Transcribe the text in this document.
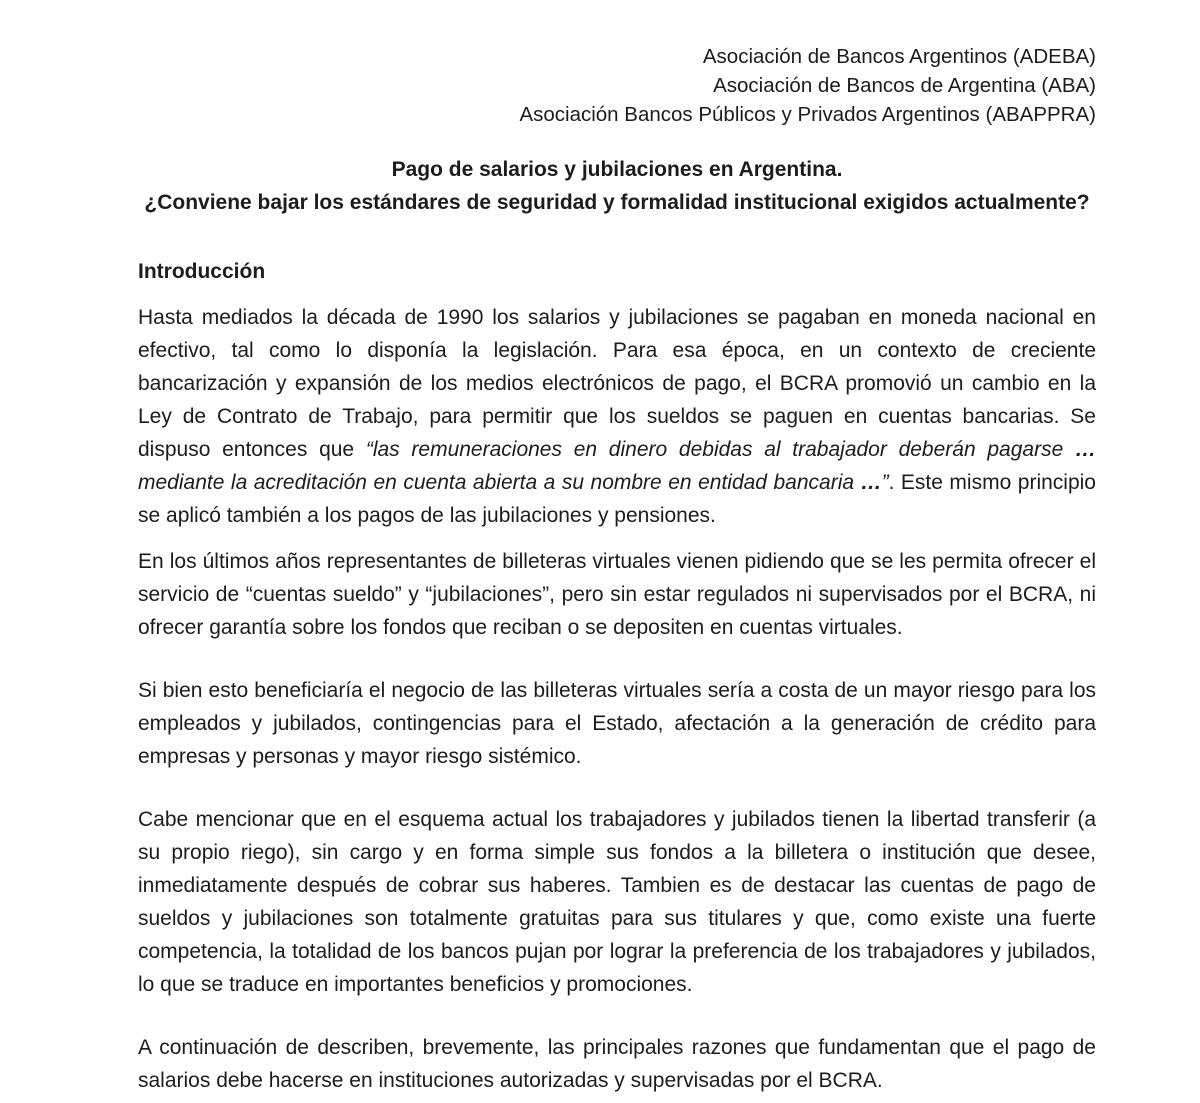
Asociación de Bancos Argentinos (ADEBA)
Asociación de Bancos de Argentina (ABA)
Asociación Bancos Públicos y Privados Argentinos (ABAPPRA)
Pago de salarios y jubilaciones en Argentina.
¿Conviene bajar los estándares de seguridad y formalidad institucional exigidos actualmente?
Introducción

Hasta mediados la década de 1990 los salarios y jubilaciones se pagaban en moneda nacional en efectivo, tal como lo disponía la legislación. Para esa época, en un contexto de creciente bancarización y expansión de los medios electrónicos de pago, el BCRA promovió un cambio en la Ley de Contrato de Trabajo, para permitir que los sueldos se paguen en cuentas bancarias. Se dispuso entonces que “las remuneraciones en dinero debidas al trabajador deberán pagarse … mediante la acreditación en cuenta abierta a su nombre en entidad bancaria …”. Este mismo principio se aplicó también a los pagos de las jubilaciones y pensiones.

En los últimos años representantes de billeteras virtuales vienen pidiendo que se les permita ofrecer el servicio de “cuentas sueldo” y “jubilaciones”, pero sin estar regulados ni supervisados por el BCRA, ni ofrecer garantía sobre los fondos que reciban o se depositen en cuentas virtuales.

Si bien esto beneficiaría el negocio de las billeteras virtuales sería a costa de un mayor riesgo para los empleados y jubilados, contingencias para el Estado, afectación a la generación de crédito para empresas y personas y mayor riesgo sistémico.

Cabe mencionar que en el esquema actual los trabajadores y jubilados tienen la libertad transferir (a su propio riego), sin cargo y en forma simple sus fondos a la billetera o institución que desee, inmediatamente después de cobrar sus haberes. Tambien es de destacar las cuentas de pago de sueldos y jubilaciones son totalmente gratuitas para sus titulares y que, como existe una fuerte competencia, la totalidad de los bancos pujan por lograr la preferencia de los trabajadores y jubilados, lo que se traduce en importantes beneficios y promociones.

A continuación de describen, brevemente, las principales razones que fundamentan que el pago de salarios debe hacerse en instituciones autorizadas y supervisadas por el BCRA.
